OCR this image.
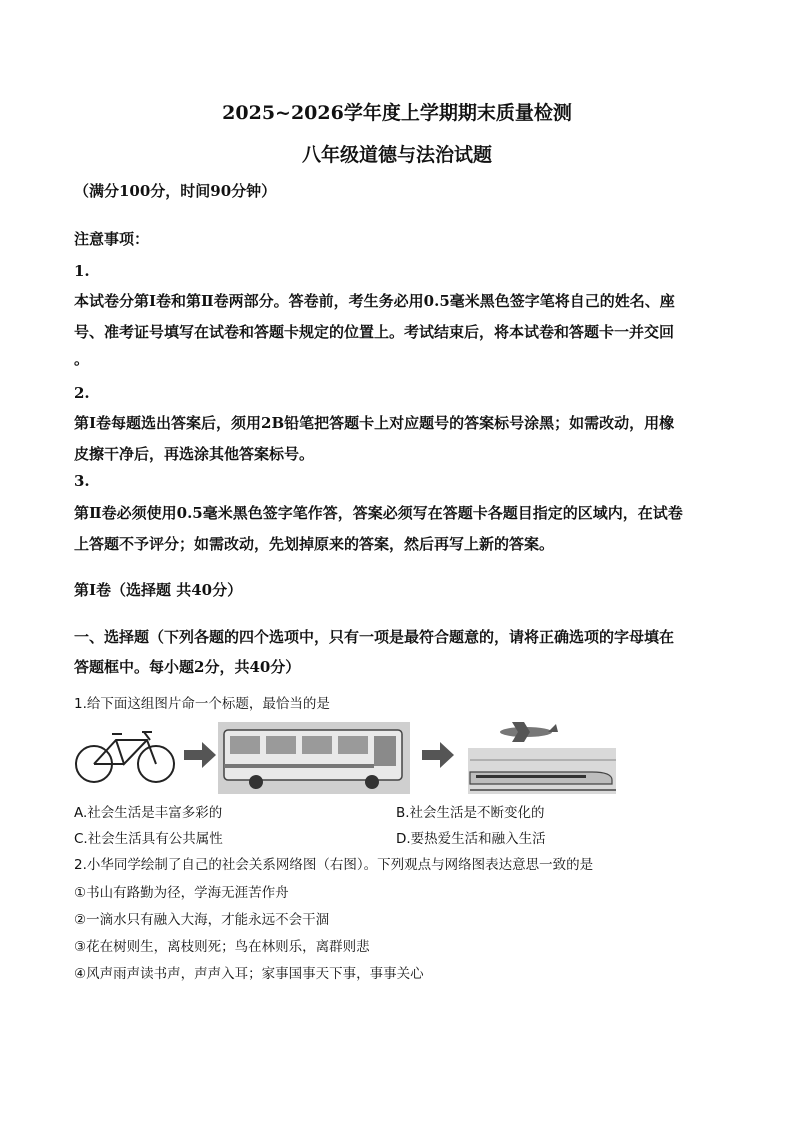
2025~2026学年度上学期期末质量检测
八年级道德与法治试题
（满分100分，时间90分钟）
注意事项：
1.
本试卷分第Ⅰ卷和第Ⅱ卷两部分。答卷前，考生务必用0.5毫米黑色签字笔将自己的姓名、座
号、准考证号填写在试卷和答题卡规定的位置上。考试结束后，将本试卷和答题卡一并交回
。
2.
第Ⅰ卷每题选出答案后，须用2B铅笔把答题卡上对应题号的答案标号涂黑；如需改动，用橡
皮擦干净后，再选涂其他答案标号。
3.
第Ⅱ卷必须使用0.5毫米黑色签字笔作答，答案必须写在答题卡各题目指定的区域内，在试卷
上答题不予评分；如需改动，先划掉原来的答案，然后再写上新的答案。
第Ⅰ卷（选择题 共40分）
一、选择题（下列各题的四个选项中，只有一项是最符合题意的，请将正确选项的字母填在
答题框中。每小题2分，共40分）
1.给下面这组图片命一个标题，最恰当的是
A.社会生活是丰富多彩的	B.社会生活是不断变化的
C.社会生活具有公共属性	D.要热爱生活和融入生活
2.小华同学绘制了自己的社会关系网络图（右图）。下列观点与网络图表达意思一致的是
①书山有路勤为径，学海无涯苦作舟
②一滴水只有融入大海，才能永远不会干涸
③花在树则生，离枝则死；鸟在林则乐，离群则悲
④风声雨声读书声，声声入耳；家事国事天下事，事事关心
